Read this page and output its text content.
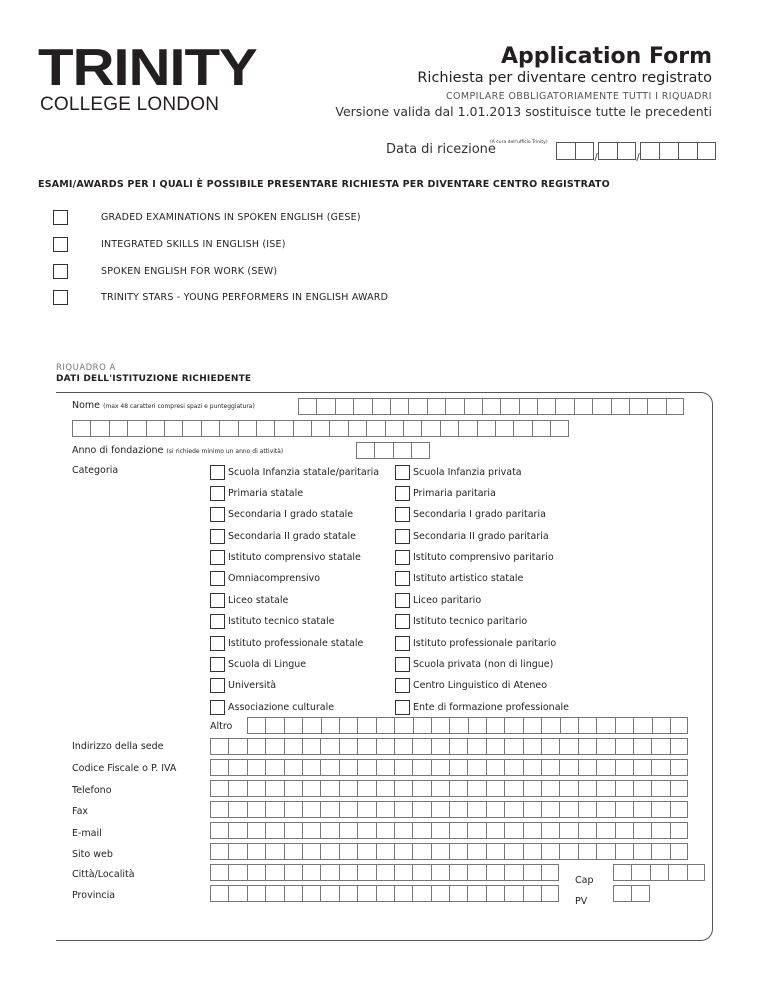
TRINITY
COLLEGE LONDON
Application Form
Richiesta per diventare centro registrato
COMPILARE OBBLIGATORIAMENTE TUTTI I RIQUADRI
Versione valida dal 1.01.2013 sostituisce tutte le precedenti
Data di ricezione
(A cura dell'ufficio Trinity)
/	/
ESAMI/AWARDS PER I QUALI È POSSIBILE PRESENTARE RICHIESTA PER DIVENTARE CENTRO REGISTRATO
GRADED EXAMINATIONS IN SPOKEN ENGLISH (GESE)
INTEGRATED SKILLS IN ENGLISH (ISE)
SPOKEN ENGLISH FOR WORK (SEW)
TRINITY STARS - YOUNG PERFORMERS IN ENGLISH AWARD
RIQUADRO A
DATI DELL'ISTITUZIONE RICHIEDENTE
Nome (max 48 caratteri compresi spazi e punteggiatura)
Anno di fondazione (si richiede minimo un anno di attività)
Categoria	Scuola Infanzia statale/paritaria
Primaria statale
Secondaria I grado statale
Secondaria II grado statale
Istituto comprensivo statale
Omniacomprensivo
Liceo statale
Istituto tecnico statale
Istituto professionale statale
Scuola di Lingue
Università
Associazione culturale
Scuola Infanzia privata
Primaria paritaria
Secondaria I grado paritaria
Secondaria II grado paritaria
Istituto comprensivo paritario
Istituto artistico statale
Liceo paritario
Istituto tecnico paritario
Istituto professionale paritario
Scuola privata (non di lingue)
Centro Linguistico di Ateneo
Ente di formazione professionale
Altro
Indirizzo della sede
Codice Fiscale o P. IVA
Telefono
Fax
E-mail
Sito web
Città/Località
Cap
Provincia
PV
